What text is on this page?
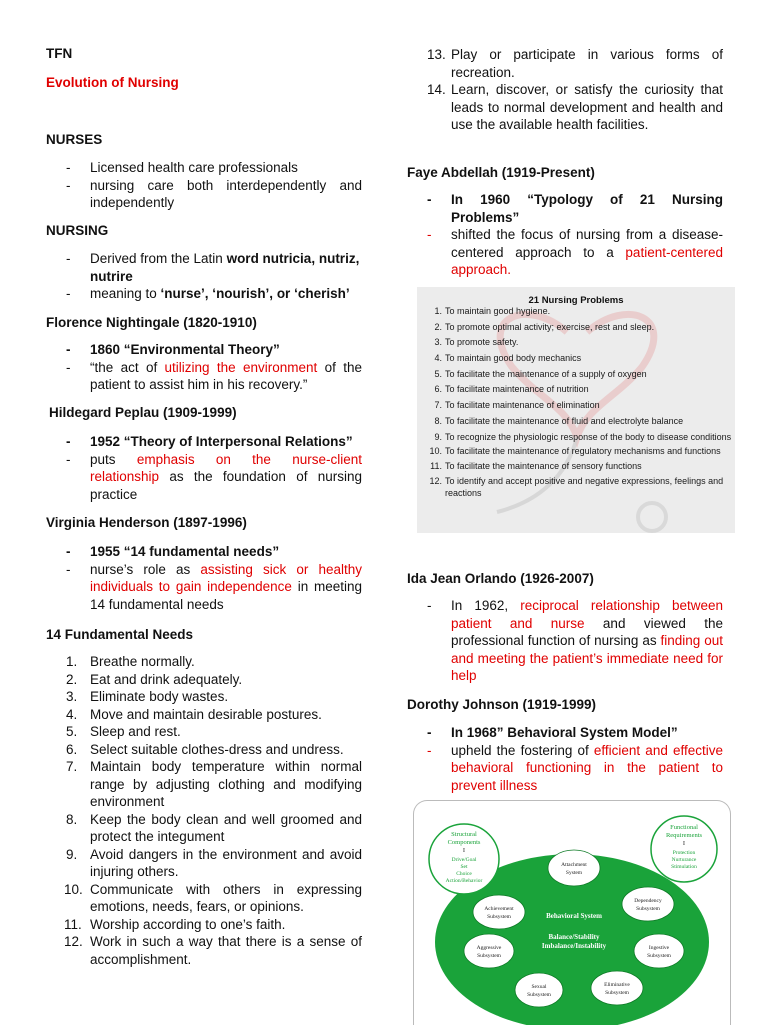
TFN
Evolution of Nursing
NURSES
- Licensed health care professionals
- nursing care both interdependently and independently
NURSING
- Derived from the Latin word nutricia, nutriz, nutrire
- meaning to ‘nurse’, ‘nourish’, or ‘cherish’
Florence Nightingale (1820-1910)
- 1860 “Environmental Theory”
- “the act of utilizing the environment of the patient to assist him in his recovery.”
Hildegard Peplau (1909-1999)
- 1952 “Theory of Interpersonal Relations”
- puts emphasis on the nurse-client relationship as the foundation of nursing practice
Virginia Henderson (1897-1996)
- 1955 “14 fundamental needs”
- nurse’s role as assisting sick or healthy individuals to gain independence in meeting 14 fundamental needs
14 Fundamental Needs
1. Breathe normally.
2. Eat and drink adequately.
3. Eliminate body wastes.
4. Move and maintain desirable postures.
5. Sleep and rest.
6. Select suitable clothes-dress and undress.
7. Maintain body temperature within normal range by adjusting clothing and modifying environment
8. Keep the body clean and well groomed and protect the integument
9. Avoid dangers in the environment and avoid injuring others.
10. Communicate with others in expressing emotions, needs, fears, or opinions.
11. Worship according to one’s faith.
12. Work in such a way that there is a sense of accomplishment.
13. Play or participate in various forms of recreation.
14. Learn, discover, or satisfy the curiosity that leads to normal development and health and use the available health facilities.
Faye Abdellah (1919-Present)
- In 1960 “Typology of 21 Nursing Problems”
- shifted the focus of nursing from a disease-centered approach to a patient-centered approach.
21 Nursing Problems
1. To maintain good hygiene.
2. To promote optimal activity; exercise, rest and sleep.
3. To promote safety.
4. To maintain good body mechanics
5. To facilitate the maintenance of a supply of oxygen
6. To facilitate maintenance of nutrition
7. To facilitate maintenance of elimination
8. To facilitate the maintenance of fluid and electrolyte balance
9. To recognize the physiologic response of the body to disease conditions
10. To facilitate the maintenance of regulatory mechanisms and functions
11. To facilitate the maintenance of sensory functions
12. To identify and accept positive and negative expressions, feelings and reactions
Ida Jean Orlando (1926-2007)
- In 1962, reciprocal relationship between patient and nurse and viewed the professional function of nursing as finding out and meeting the patient’s immediate need for help
Dorothy Johnson (1919-1999)
- In 1968” Behavioral System Model”
- upheld the fostering of efficient and effective behavioral functioning in the patient to prevent illness
Structural
Components
I
Drive/Goal
Set
Choice
Action/Behavior
Functional
Requirements
I
Protection
Nurturance
Stimulation
Attachment
System
Achievement
Subsystem
Dependency
Subsystem
Aggressive
Subsystem
Ingestive
Subsystem
Sexual
Subsystem
Eliminative
Subsystem
Behavioral System
Balance/Stability
Imbalance/Instability
